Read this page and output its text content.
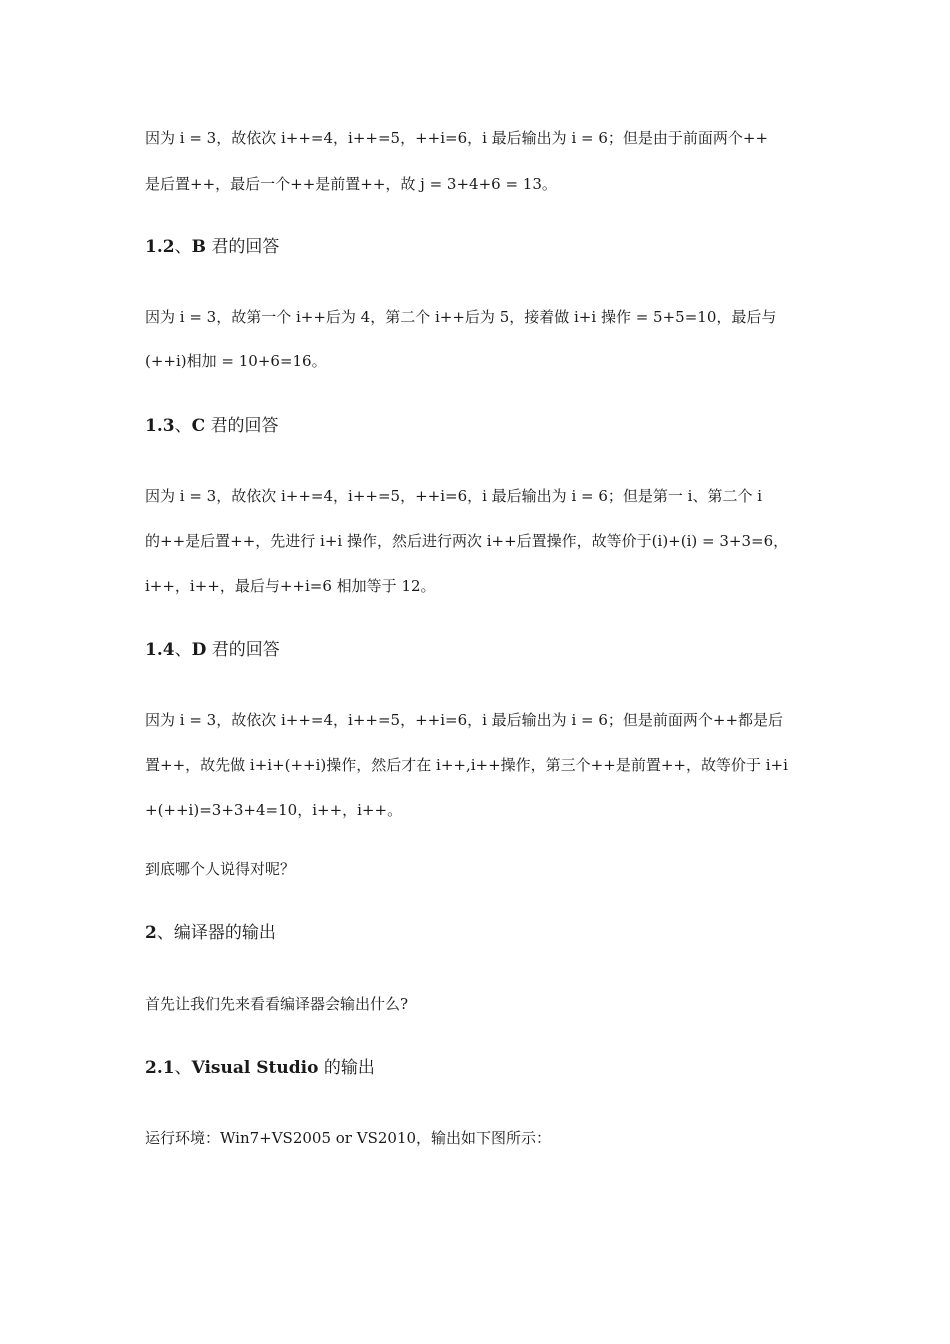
因为 i = 3，故依次 i++=4，i++=5，++i=6，i 最后输出为 i = 6；但是由于前面两个++
是后置++，最后一个++是前置++，故 j = 3+4+6 = 13。
1.2、B 君的回答
因为 i = 3，故第一个 i++后为 4，第二个 i++后为 5，接着做 i+i 操作 = 5+5=10，最后与
(++i)相加 = 10+6=16。
1.3、C 君的回答
因为 i = 3，故依次 i++=4，i++=5，++i=6，i 最后输出为 i = 6；但是第一 i、第二个 i
的++是后置++，先进行 i+i 操作，然后进行两次 i++后置操作，故等价于(i)+(i) = 3+3=6，
i++，i++，最后与++i=6 相加等于 12。
1.4、D 君的回答
因为 i = 3，故依次 i++=4，i++=5，++i=6，i 最后输出为 i = 6；但是前面两个++都是后
置++，故先做 i+i+(++i)操作，然后才在 i++,i++操作，第三个++是前置++，故等价于 i+i
+(++i)=3+3+4=10，i++，i++。
到底哪个人说得对呢？
2、编译器的输出
首先让我们先来看看编译器会输出什么?
2.1、Visual Studio 的输出
运行环境：Win7+VS2005 or VS2010，输出如下图所示：
